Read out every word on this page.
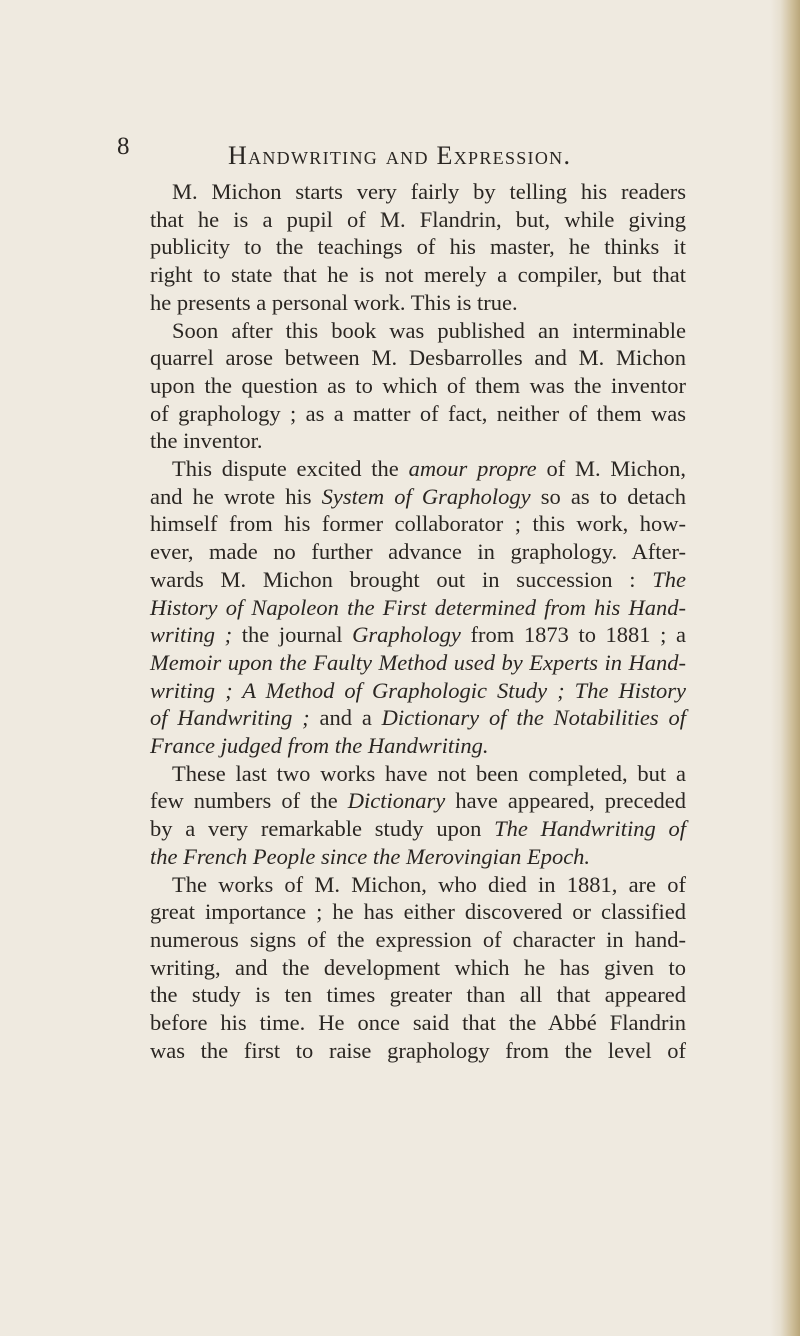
8	Handwriting and Expression.

M. Michon starts very fairly by telling his readers
that he is a pupil of M. Flandrin, but, while giving
publicity to the teachings of his master, he thinks it
right to state that he is not merely a compiler, but that
he presents a personal work. This is true.

Soon after this book was published an interminable
quarrel arose between M. Desbarrolles and M. Michon
upon the question as to which of them was the inventor
of graphology ; as a matter of fact, neither of them was
the inventor.

This dispute excited the amour propre of M. Michon,
and he wrote his System of Graphology so as to detach
himself from his former collaborator ; this work, how-
ever, made no further advance in graphology. After-
wards M. Michon brought out in succession : The
History of Napoleon the First determined from his Hand-
writing ; the journal Graphology from 1873 to 1881 ; a
Memoir upon the Faulty Method used by Experts in Hand-
writing ; A Method of Graphologic Study ; The History
of Handwriting ; and a Dictionary of the Notabilities of
France judged from the Handwriting.

These last two works have not been completed, but a
few numbers of the Dictionary have appeared, preceded
by a very remarkable study upon The Handwriting of
the French People since the Merovingian Epoch.

The works of M. Michon, who died in 1881, are of
great importance ; he has either discovered or classified
numerous signs of the expression of character in hand-
writing, and the development which he has given to
the study is ten times greater than all that appeared
before his time. He once said that the Abbé Flandrin
was the first to raise graphology from the level of
